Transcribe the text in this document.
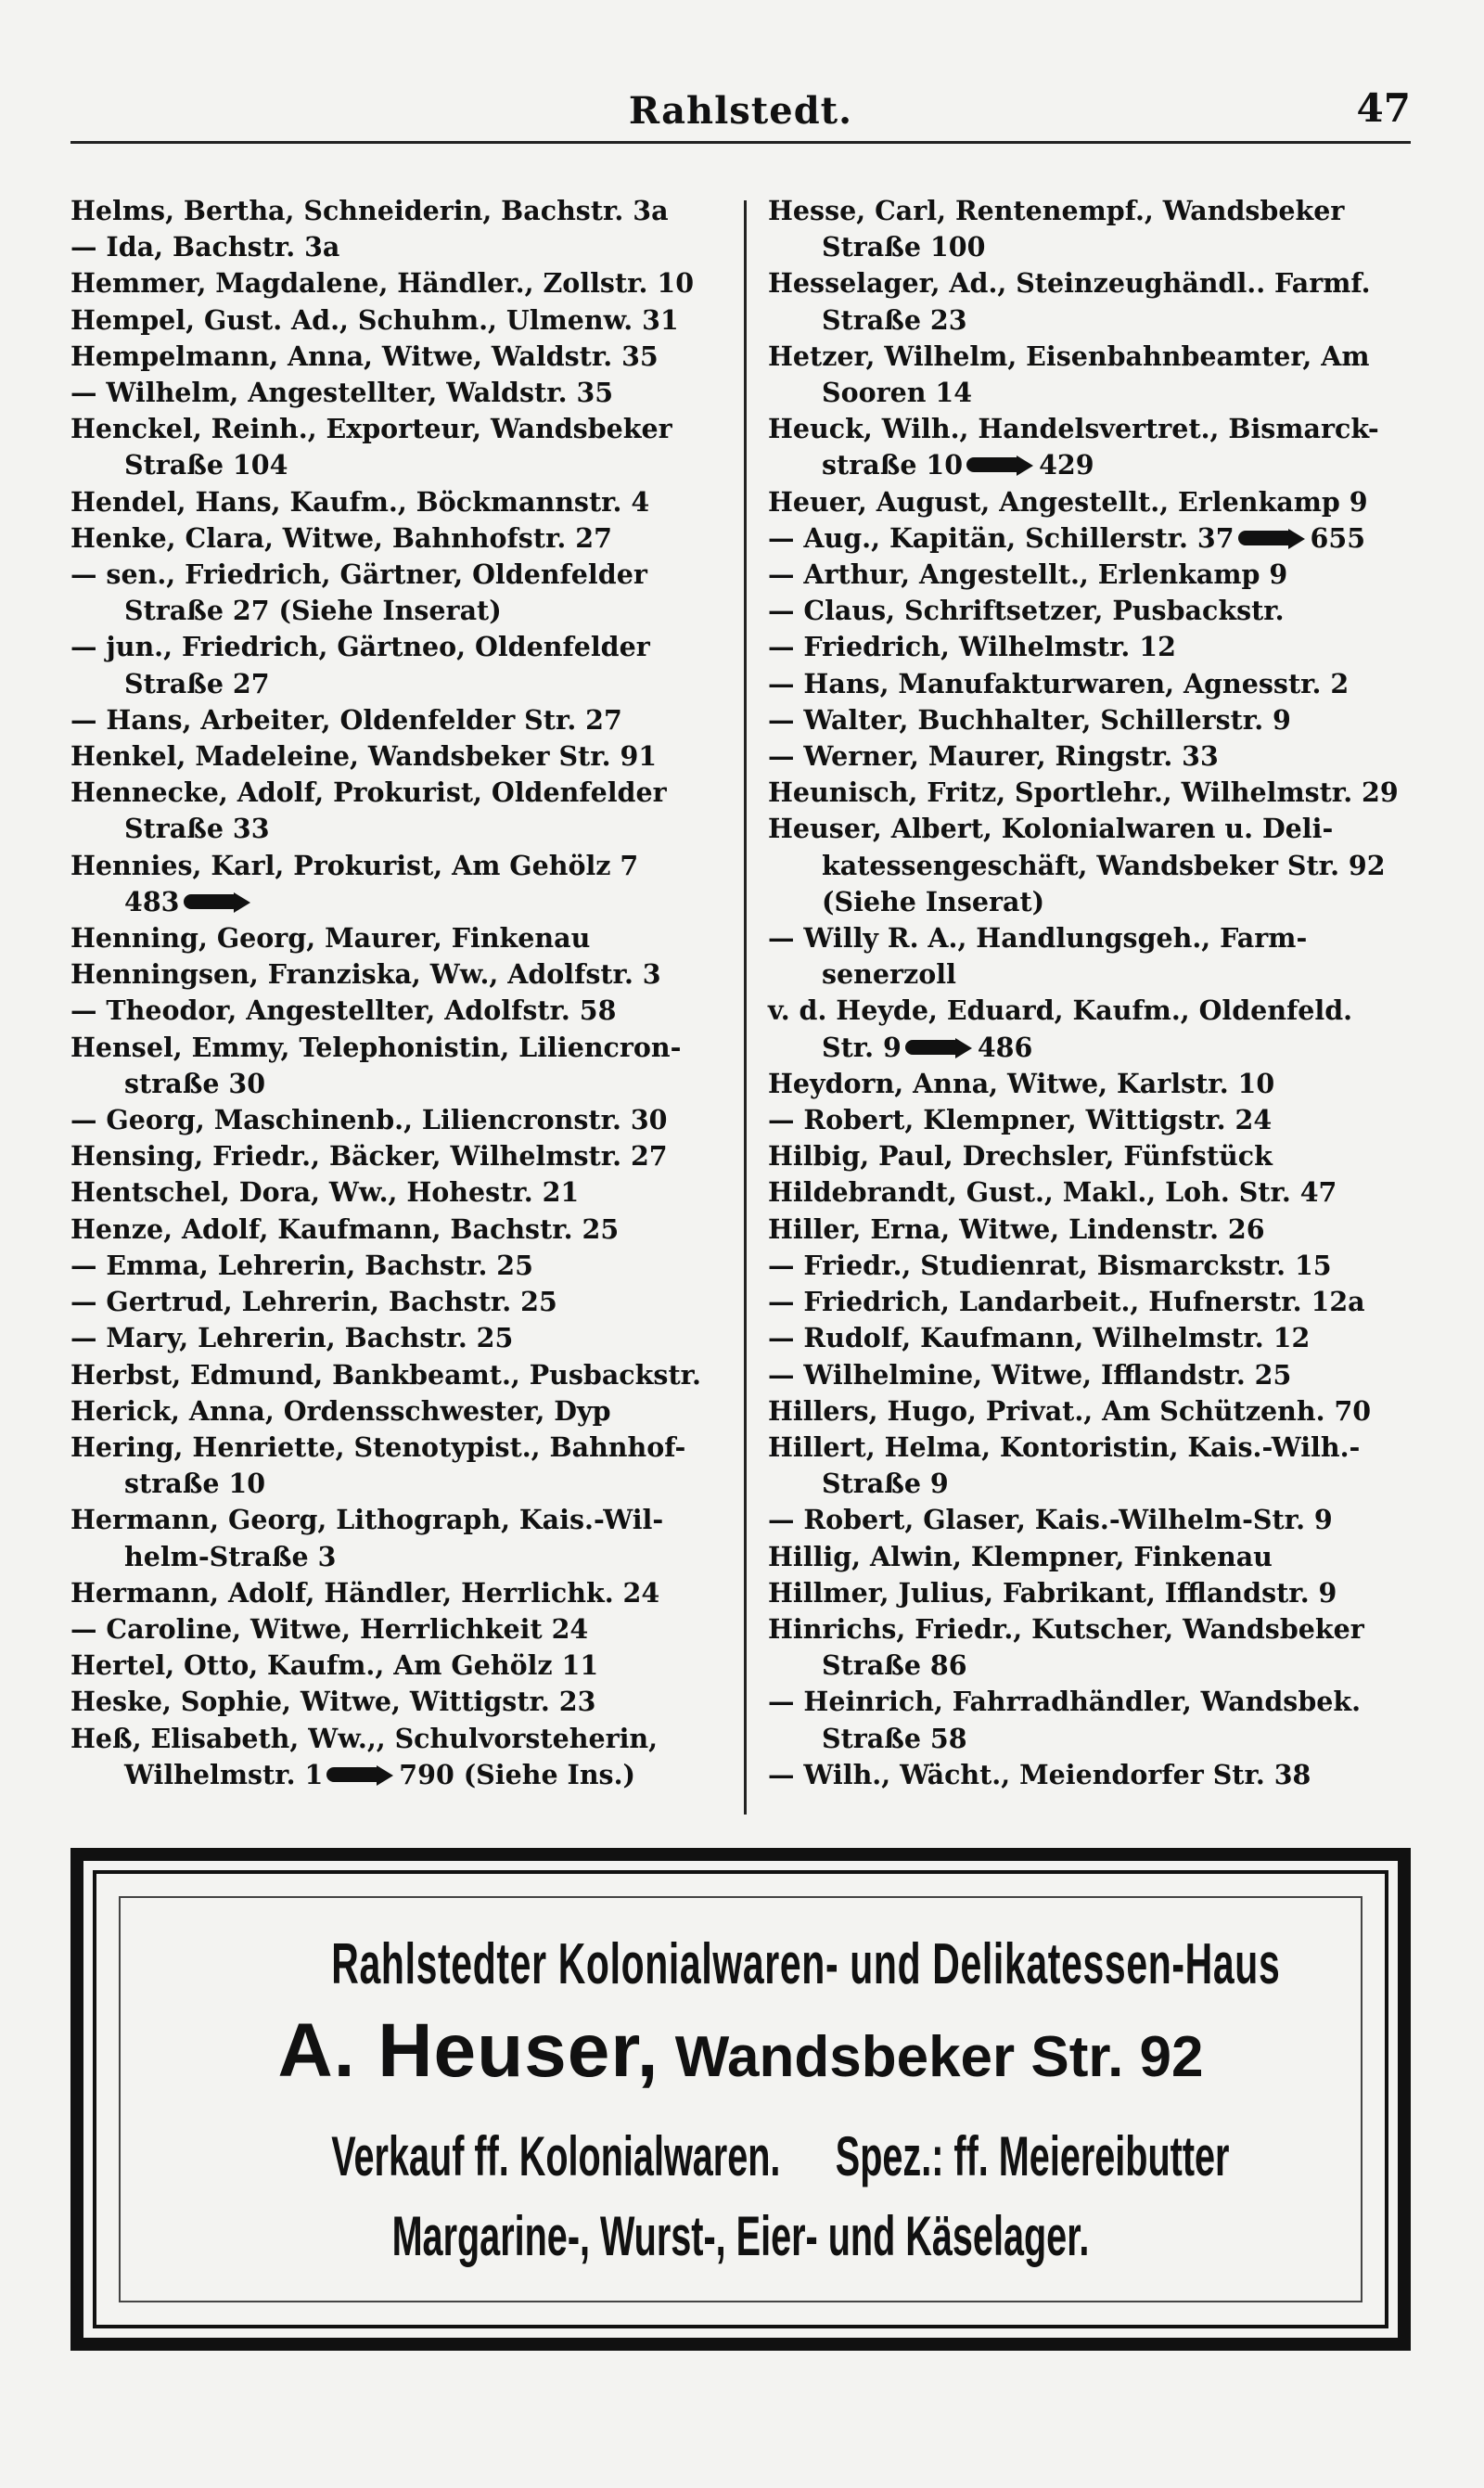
Rahlstedt.	47
Helms, Bertha, Schneiderin, Bachstr. 3a
— Ida, Bachstr. 3a
Hemmer, Magdalene, Händler., Zollstr. 10
Hempel, Gust. Ad., Schuhm., Ulmenw. 31
Hempelmann, Anna, Witwe, Waldstr. 35
— Wilhelm, Angestellter, Waldstr. 35
Henckel, Reinh., Exporteur, Wandsbeker
Straße 104
Hendel, Hans, Kaufm., Böckmannstr. 4
Henke, Clara, Witwe, Bahnhofstr. 27
— sen., Friedrich, Gärtner, Oldenfelder
Straße 27 (Siehe Inserat)
— jun., Friedrich, Gärtneo, Oldenfelder
Straße 27
— Hans, Arbeiter, Oldenfelder Str. 27
Henkel, Madeleine, Wandsbeker Str. 91
Hennecke, Adolf, Prokurist, Oldenfelder
Straße 33
Hennies, Karl, Prokurist, Am Gehölz 7
483
Henning, Georg, Maurer, Finkenau
Henningsen, Franziska, Ww., Adolfstr. 3
— Theodor, Angestellter, Adolfstr. 58
Hensel, Emmy, Telephonistin, Liliencron-
straße 30
— Georg, Maschinenb., Liliencronstr. 30
Hensing, Friedr., Bäcker, Wilhelmstr. 27
Hentschel, Dora, Ww., Hohestr. 21
Henze, Adolf, Kaufmann, Bachstr. 25
— Emma, Lehrerin, Bachstr. 25
— Gertrud, Lehrerin, Bachstr. 25
— Mary, Lehrerin, Bachstr. 25
Herbst, Edmund, Bankbeamt., Pusbackstr.
Herick, Anna, Ordensschwester, Dyp
Hering, Henriette, Stenotypist., Bahnhof-
straße 10
Hermann, Georg, Lithograph, Kais.-Wil-
helm-Straße 3
Hermann, Adolf, Händler, Herrlichk. 24
— Caroline, Witwe, Herrlichkeit 24
Hertel, Otto, Kaufm., Am Gehölz 11
Heske, Sophie, Witwe, Wittigstr. 23
Heß, Elisabeth, Ww.,, Schulvorsteherin,
Wilhelmstr. 1	790 (Siehe Ins.)
Hesse, Carl, Rentenempf., Wandsbeker
Straße 100
Hesselager, Ad., Steinzeughändl.. Farmf.
Straße 23
Hetzer, Wilhelm, Eisenbahnbeamter, Am
Sooren 14
Heuck, Wilh., Handelsvertret., Bismarck-
straße 10	429
Heuer, August, Angestellt., Erlenkamp 9
— Aug., Kapitän, Schillerstr. 37	655
— Arthur, Angestellt., Erlenkamp 9
— Claus, Schriftsetzer, Pusbackstr.
— Friedrich, Wilhelmstr. 12
— Hans, Manufakturwaren, Agnesstr. 2
— Walter, Buchhalter, Schillerstr. 9
— Werner, Maurer, Ringstr. 33
Heunisch, Fritz, Sportlehr., Wilhelmstr. 29
Heuser, Albert, Kolonialwaren u. Deli-
katessengeschäft, Wandsbeker Str. 92
(Siehe Inserat)
— Willy R. A., Handlungsgeh., Farm-
senerzoll
v. d. Heyde, Eduard, Kaufm., Oldenfeld.
Str. 9	486
Heydorn, Anna, Witwe, Karlstr. 10
— Robert, Klempner, Wittigstr. 24
Hilbig, Paul, Drechsler, Fünfstück
Hildebrandt, Gust., Makl., Loh. Str. 47
Hiller, Erna, Witwe, Lindenstr. 26
— Friedr., Studienrat, Bismarckstr. 15
— Friedrich, Landarbeit., Hufnerstr. 12a
— Rudolf, Kaufmann, Wilhelmstr. 12
— Wilhelmine, Witwe, Ifflandstr. 25
Hillers, Hugo, Privat., Am Schützenh. 70
Hillert, Helma, Kontoristin, Kais.-Wilh.-
Straße 9
— Robert, Glaser, Kais.-Wilhelm-Str. 9
Hillig, Alwin, Klempner, Finkenau
Hillmer, Julius, Fabrikant, Ifflandstr. 9
Hinrichs, Friedr., Kutscher, Wandsbeker
Straße 86
— Heinrich, Fahrradhändler, Wandsbek.
Straße 58
— Wilh., Wächt., Meiendorfer Str. 38
Rahlstedter Kolonialwaren- und Delikatessen-Haus
A. Heuser, Wandsbeker Str. 92
Verkauf ff. Kolonialwaren. Spez.: ff. Meiereibutter
Margarine-, Wurst-, Eier- und Käselager.
